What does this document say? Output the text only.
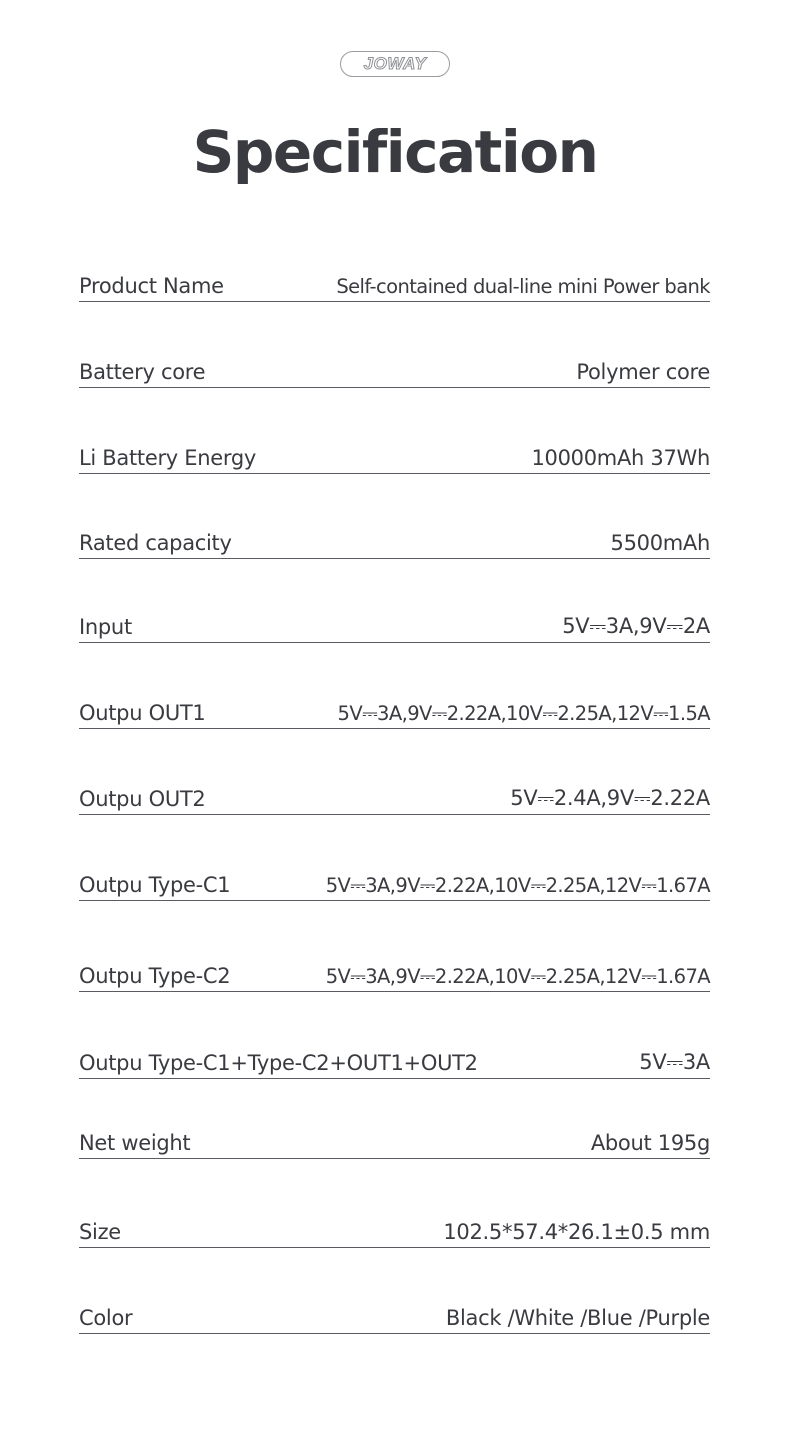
JOWAY
Specification
Product Name	Self-contained dual-line mini Power bank
Battery core	Polymer core
Li Battery Energy	10000mAh 37Wh
Rated capacity	5500mAh
Input	5V⎓3A,9V⎓2A
Outpu OUT1	5V⎓3A,9V⎓2.22A,10V⎓2.25A,12V⎓1.5A
Outpu OUT2	5V⎓2.4A,9V⎓2.22A
Outpu Type-C1	5V⎓3A,9V⎓2.22A,10V⎓2.25A,12V⎓1.67A
Outpu Type-C2	5V⎓3A,9V⎓2.22A,10V⎓2.25A,12V⎓1.67A
Outpu Type-C1+Type-C2+OUT1+OUT2	5V⎓3A
Net weight	About 195g
Size	102.5*57.4*26.1±0.5 mm
Color	Black /White /Blue /Purple
